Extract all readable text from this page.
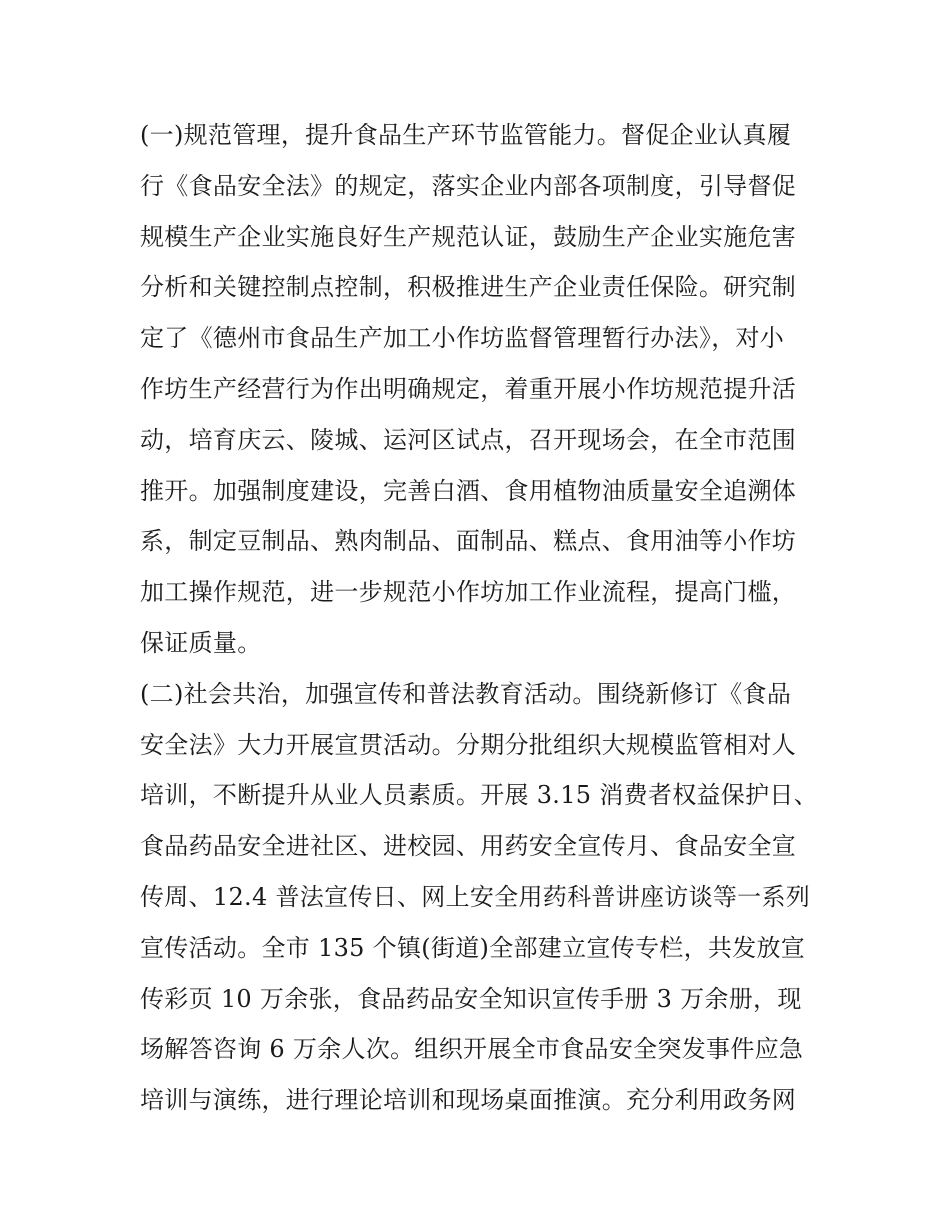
(一)规范管理，提升食品生产环节监管能力。督促企业认真履
行《食品安全法》的规定，落实企业内部各项制度，引导督促
规模生产企业实施良好生产规范认证，鼓励生产企业实施危害
分析和关键控制点控制，积极推进生产企业责任保险。研究制
定了《德州市食品生产加工小作坊监督管理暂行办法》，对小
作坊生产经营行为作出明确规定，着重开展小作坊规范提升活
动，培育庆云、陵城、运河区试点，召开现场会，在全市范围
推开。加强制度建设，完善白酒、食用植物油质量安全追溯体
系，制定豆制品、熟肉制品、面制品、糕点、食用油等小作坊
加工操作规范，进一步规范小作坊加工作业流程，提高门槛，
保证质量。
(二)社会共治，加强宣传和普法教育活动。围绕新修订《食品
安全法》大力开展宣贯活动。分期分批组织大规模监管相对人
培训，不断提升从业人员素质。开展 3.15 消费者权益保护日、
食品药品安全进社区、进校园、用药安全宣传月、食品安全宣
传周、12.4 普法宣传日、网上安全用药科普讲座访谈等一系列
宣传活动。全市 135 个镇(街道)全部建立宣传专栏，共发放宣
传彩页 10 万余张，食品药品安全知识宣传手册 3 万余册，现
场解答咨询 6 万余人次。组织开展全市食品安全突发事件应急
培训与演练，进行理论培训和现场桌面推演。充分利用政务网
